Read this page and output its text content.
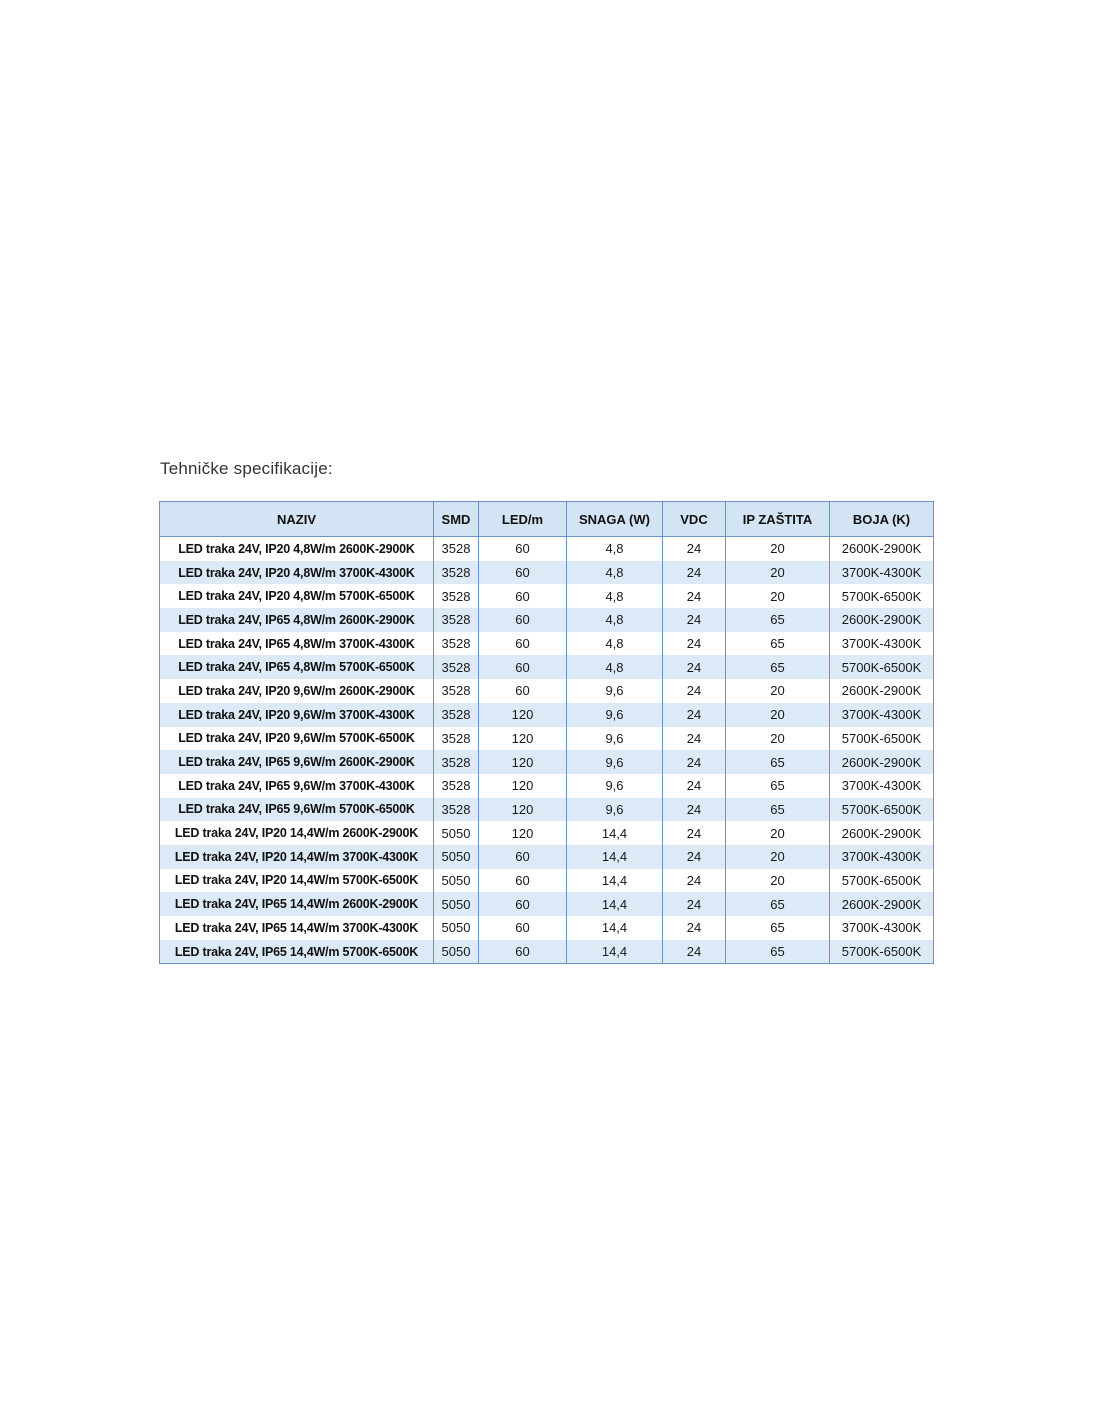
Tehničke specifikacije:
NAZIV	SMD	LED/m	SNAGA (W)	VDC	IP ZAŠTITA	BOJA (K)
LED traka 24V, IP20 4,8W/m 2600K-2900K	3528	60	4,8	24	20	2600K-2900K
LED traka 24V, IP20 4,8W/m 3700K-4300K	3528	60	4,8	24	20	3700K-4300K
LED traka 24V, IP20 4,8W/m 5700K-6500K	3528	60	4,8	24	20	5700K-6500K
LED traka 24V, IP65 4,8W/m 2600K-2900K	3528	60	4,8	24	65	2600K-2900K
LED traka 24V, IP65 4,8W/m 3700K-4300K	3528	60	4,8	24	65	3700K-4300K
LED traka 24V, IP65 4,8W/m 5700K-6500K	3528	60	4,8	24	65	5700K-6500K
LED traka 24V, IP20 9,6W/m 2600K-2900K	3528	60	9,6	24	20	2600K-2900K
LED traka 24V, IP20 9,6W/m 3700K-4300K	3528	120	9,6	24	20	3700K-4300K
LED traka 24V, IP20 9,6W/m 5700K-6500K	3528	120	9,6	24	20	5700K-6500K
LED traka 24V, IP65 9,6W/m 2600K-2900K	3528	120	9,6	24	65	2600K-2900K
LED traka 24V, IP65 9,6W/m 3700K-4300K	3528	120	9,6	24	65	3700K-4300K
LED traka 24V, IP65 9,6W/m 5700K-6500K	3528	120	9,6	24	65	5700K-6500K
LED traka 24V, IP20 14,4W/m 2600K-2900K	5050	120	14,4	24	20	2600K-2900K
LED traka 24V, IP20 14,4W/m 3700K-4300K	5050	60	14,4	24	20	3700K-4300K
LED traka 24V, IP20 14,4W/m 5700K-6500K	5050	60	14,4	24	20	5700K-6500K
LED traka 24V, IP65 14,4W/m 2600K-2900K	5050	60	14,4	24	65	2600K-2900K
LED traka 24V, IP65 14,4W/m 3700K-4300K	5050	60	14,4	24	65	3700K-4300K
LED traka 24V, IP65 14,4W/m 5700K-6500K	5050	60	14,4	24	65	5700K-6500K
